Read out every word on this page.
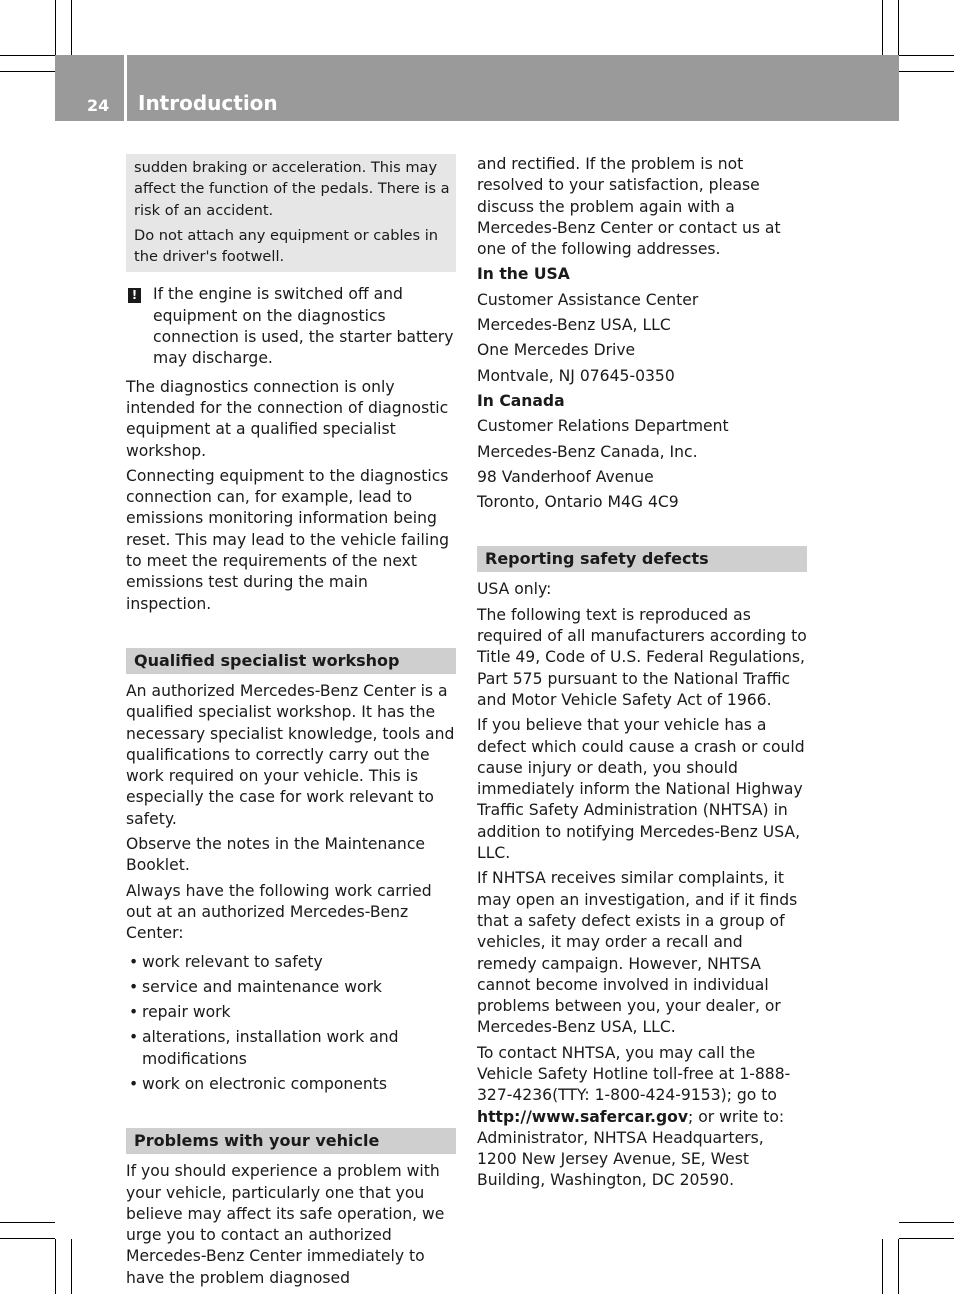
24 Introduction

sudden braking or acceleration. This may affect the function of the pedals. There is a risk of an accident.

Do not attach any equipment or cables in the driver's footwell.

!	If the engine is switched off and equipment on the diagnostics connection is used, the starter battery may discharge.

The diagnostics connection is only intended for the connection of diagnostic equipment at a qualified specialist workshop.

Connecting equipment to the diagnostics connection can, for example, lead to emissions monitoring information being reset. This may lead to the vehicle failing to meet the requirements of the next emissions test during the main inspection.

Qualified specialist workshop

An authorized Mercedes-Benz Center is a qualified specialist workshop. It has the necessary specialist knowledge, tools and qualifications to correctly carry out the work required on your vehicle. This is especially the case for work relevant to safety.

Observe the notes in the Maintenance Booklet.

Always have the following work carried out at an authorized Mercedes-Benz Center:

• work relevant to safety
• service and maintenance work
• repair work
• alterations, installation work and modifications
• work on electronic components
Problems with your vehicle

If you should experience a problem with your vehicle, particularly one that you believe may affect its safe operation, we urge you to contact an authorized Mercedes-Benz Center immediately to have the problem diagnosed

and rectified. If the problem is not resolved to your satisfaction, please discuss the problem again with a Mercedes-Benz Center or contact us at one of the following addresses.

In the USA
Customer Assistance Center
Mercedes-Benz USA, LLC
One Mercedes Drive
Montvale, NJ 07645-0350
In Canada
Customer Relations Department
Mercedes-Benz Canada, Inc.
98 Vanderhoof Avenue
Toronto, Ontario M4G 4C9
Reporting safety defects

USA only:

The following text is reproduced as required of all manufacturers according to Title 49, Code of U.S. Federal Regulations, Part 575 pursuant to the National Traffic and Motor Vehicle Safety Act of 1966.

If you believe that your vehicle has a defect which could cause a crash or could cause injury or death, you should immediately inform the National Highway Traffic Safety Administration (NHTSA) in addition to notifying Mercedes-Benz USA, LLC.

If NHTSA receives similar complaints, it may open an investigation, and if it finds that a safety defect exists in a group of vehicles, it may order a recall and remedy campaign. However, NHTSA cannot become involved in individual problems between you, your dealer, or Mercedes-Benz USA, LLC.

To contact NHTSA, you may call the Vehicle Safety Hotline toll-free at 1-888-327-4236(TTY: 1-800-424-9153); go to http://www.safercar.gov; or write to: Administrator, NHTSA Headquarters, 1200 New Jersey Avenue, SE, West Building, Washington, DC 20590.
